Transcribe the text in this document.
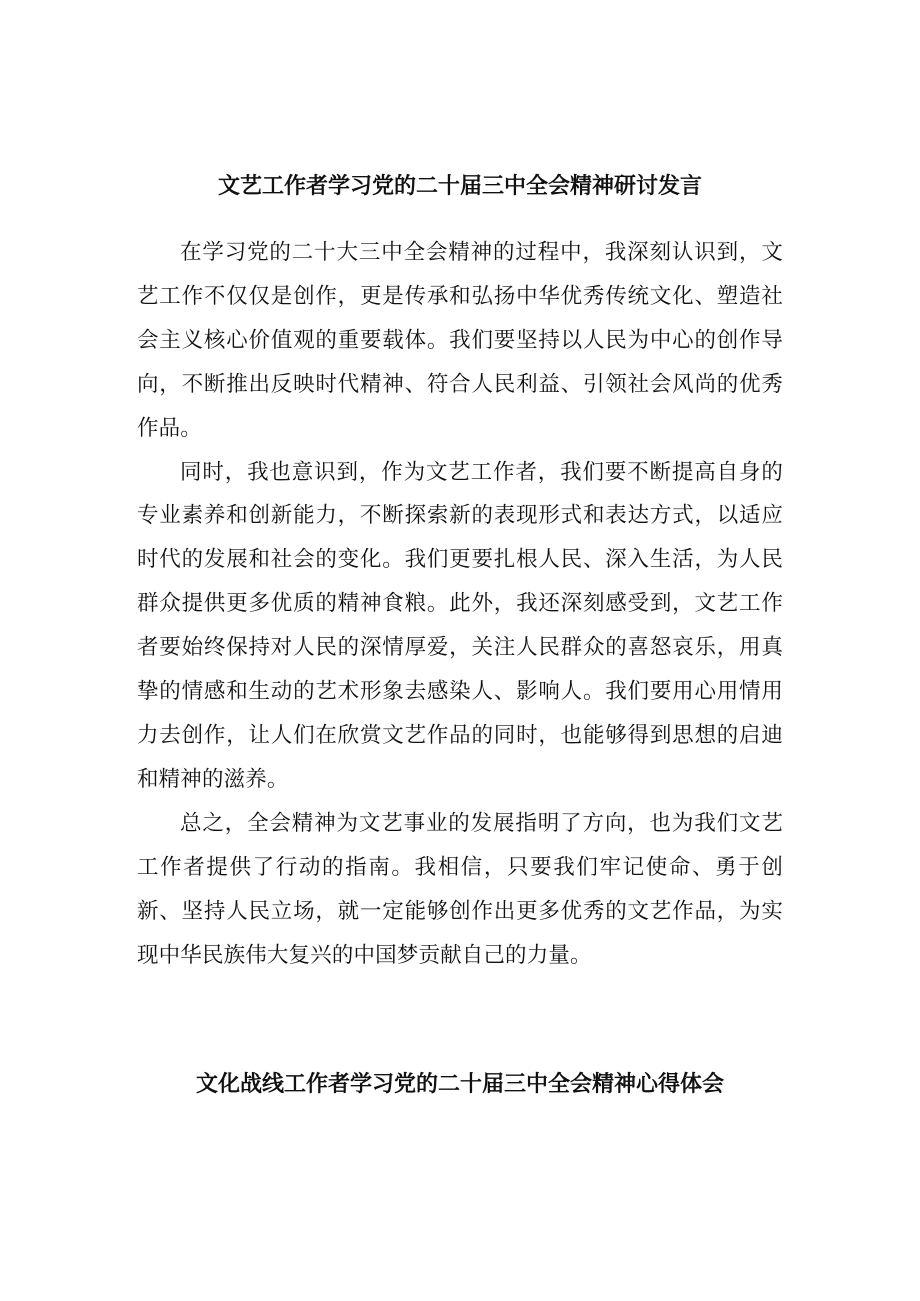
文艺工作者学习党的二十届三中全会精神研讨发言

在学习党的二十大三中全会精神的过程中，我深刻认识到，文艺工作不仅仅是创作，更是传承和弘扬中华优秀传统文化、塑造社会主义核心价值观的重要载体。我们要坚持以人民为中心的创作导向，不断推出反映时代精神、符合人民利益、引领社会风尚的优秀作品。

同时，我也意识到，作为文艺工作者，我们要不断提高自身的专业素养和创新能力，不断探索新的表现形式和表达方式，以适应时代的发展和社会的变化。我们更要扎根人民、深入生活，为人民群众提供更多优质的精神食粮。此外，我还深刻感受到，文艺工作者要始终保持对人民的深情厚爱，关注人民群众的喜怒哀乐，用真挚的情感和生动的艺术形象去感染人、影响人。我们要用心用情用力去创作，让人们在欣赏文艺作品的同时，也能够得到思想的启迪和精神的滋养。

总之，全会精神为文艺事业的发展指明了方向，也为我们文艺工作者提供了行动的指南。我相信，只要我们牢记使命、勇于创新、坚持人民立场，就一定能够创作出更多优秀的文艺作品，为实现中华民族伟大复兴的中国梦贡献自己的力量。

文化战线工作者学习党的二十届三中全会精神心得体会
